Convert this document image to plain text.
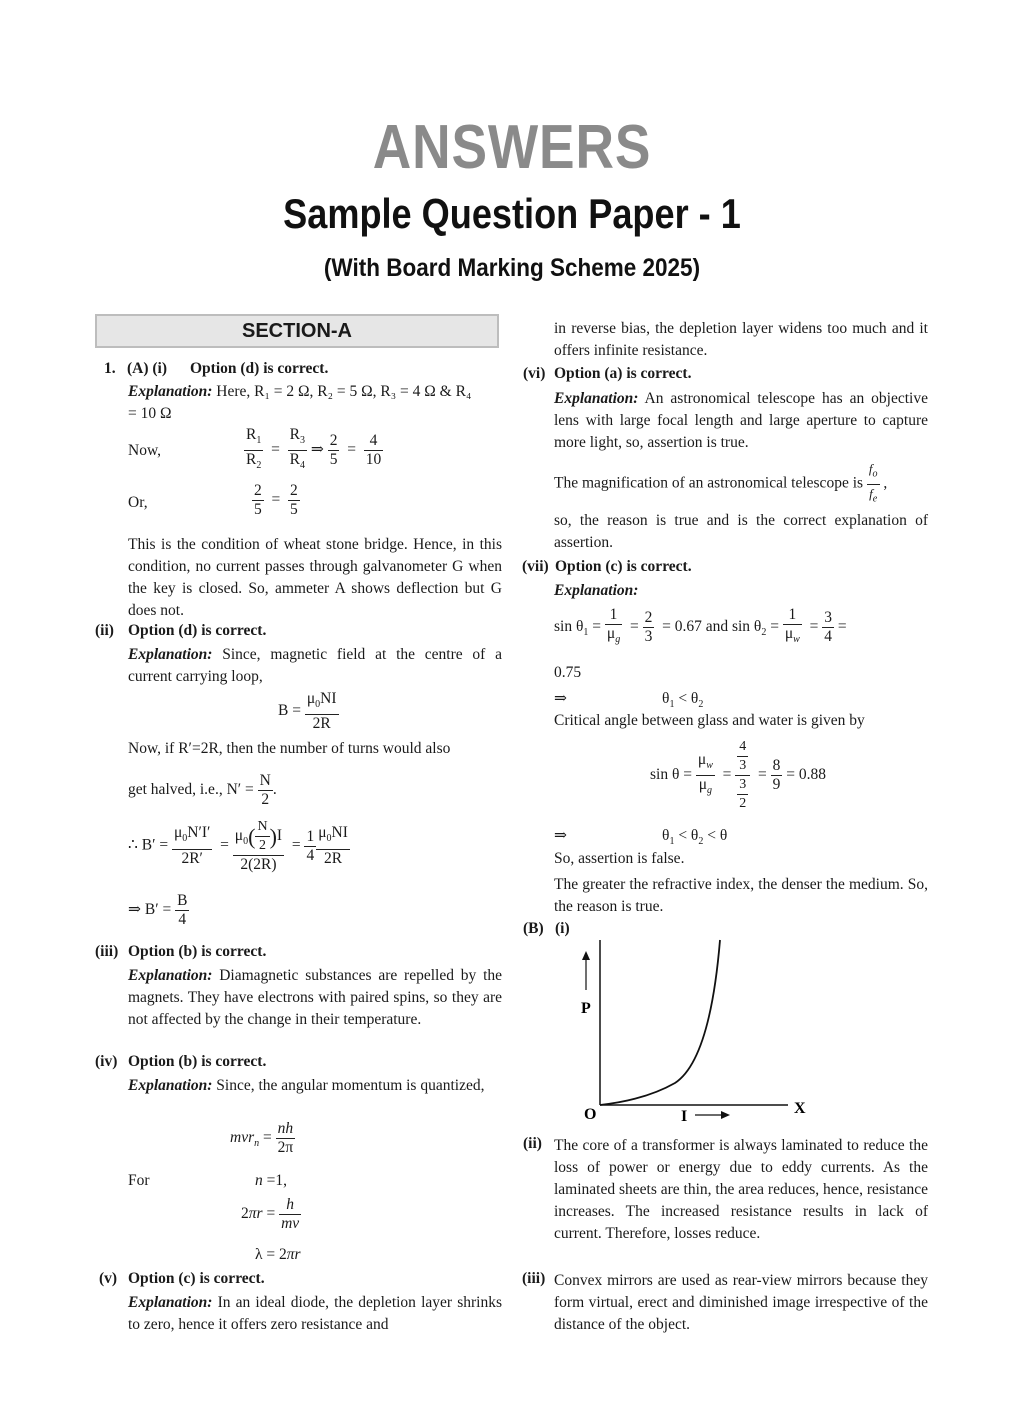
ANSWERS
Sample Question Paper - 1
(With Board Marking Scheme 2025)
SECTION-A
1. (A) (i) Option (d) is correct.
Explanation: Here, R₁ = 2 Ω, R₂ = 5 Ω, R₃ = 4 Ω & R₄
= 10 Ω
Now,	$\frac{R_1}{R_2} = \frac{R_3}{R_4}$ ⇒ $\frac{2}{5} = \frac{4}{10}$
Or,	$\frac{2}{5} = \frac{2}{5}$
This is the condition of wheat stone bridge. Hence, in this condition, no current passes through galvanometer G when the key is closed. So, ammeter A shows deflection but G does not.
(ii) Option (d) is correct.
Explanation: Since, magnetic field at the centre of a current carrying loop,
$B = \frac{\mu_0NI}{2R}$
Now, if R′=2R, then the number of turns would also
get halved, i.e., $N' = \frac{N}{2}$ .
∴ $B' = \frac{\mu_0N'I'}{2R'} = \frac{\mu_0( \frac{N}{2} )I}{2(2R)} = \frac{1}{4} \frac{\mu_0NI}{2R}$
⇒ $B' = \frac{B}{4}$
(iii) Option (b) is correct.
Explanation: Diamagnetic substances are repelled by the magnets. They have electrons with paired spins, so they are not affected by the change in their temperature.
(iv) Option (b) is correct.
Explanation: Since, the angular momentum is quantized,
$mvr_n = \frac{nh}{2\pi}$
For	n =1,
$2\pi r = \frac{h}{mv}$
λ = 2πr
(v) Option (c) is correct.
Explanation: In an ideal diode, the depletion layer shrinks to zero, hence it offers zero resistance and
in reverse bias, the depletion layer widens too much and it offers infinite resistance.
(vi) Option (a) is correct.
Explanation: An astronomical telescope has an objective lens with large focal length and large aperture to capture more light, so, assertion is true.
The magnification of an astronomical telescope is $\frac{f_o}{f_e}$ ,
so, the reason is true and is the correct explanation of assertion.
(vii) Option (c) is correct.
Explanation:
$\sin \theta_1 = \frac{1}{\mu_g} = \frac{2}{3} = 0.67$ and $\sin \theta_2 = \frac{1}{\mu_w} = \frac{3}{4}$ =
0.75
⇒	$\theta_1 < \theta_2$
Critical angle between glass and water is given by
$\sin \theta = \frac{\mu_w}{\mu_g} = \frac{\frac{4}{3}}{\frac{3}{2}} = \frac{8}{9} = 0.88$
⇒	$\theta_1 < \theta_2 < \theta$
So, assertion is false.
The greater the refractive index, the denser the medium. So, the reason is true.
(B) (i)
P
O	X
I
(ii) The core of a transformer is always laminated to reduce the loss of power or energy due to eddy currents. As the laminated sheets are thin, the area reduces, hence, resistance increases. The increased resistance results in lack of current. Therefore, losses reduce.
(iii) Convex mirrors are used as rear-view mirrors because they form virtual, erect and diminished image irrespective of the distance of the object.
